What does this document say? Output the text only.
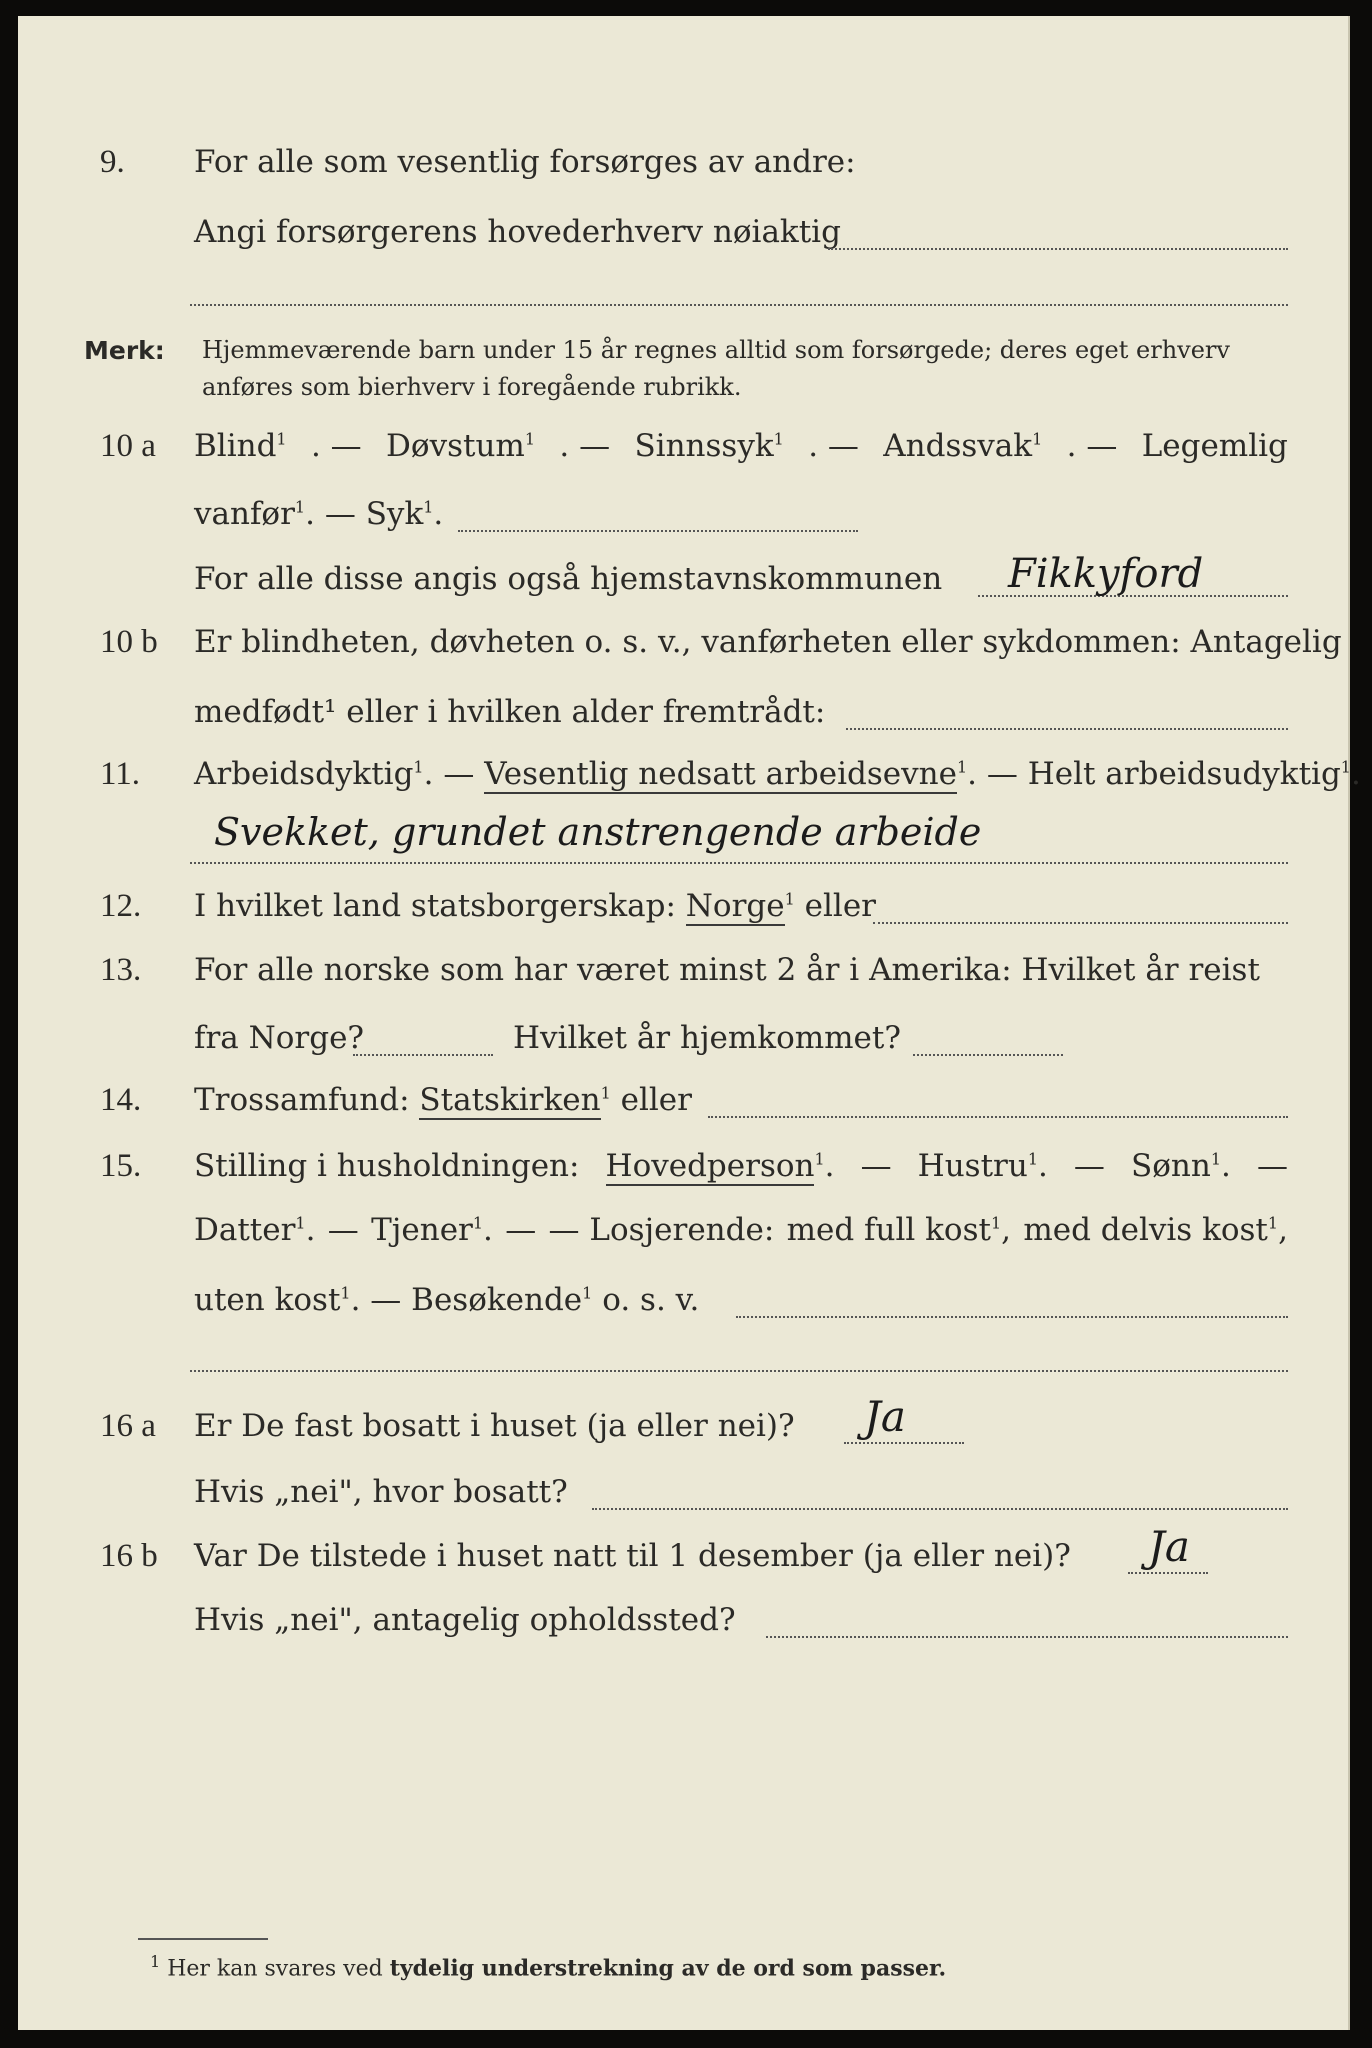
9. For alle som vesentlig forsørges av andre:
Angi forsørgerens hovederhverv nøiaktig
Merk: Hjemmeværende barn under 15 år regnes alltid som forsørgede; deres eget erhverv
anføres som bierhverv i foregående rubrikk.
10 a Blind$^1$ . — Døvstum$^1$ . — Sinnssyk$^1$ . — Andssvak$^1$ . — Legemlig
vanfør$^1$. — Syk$^1$.
For alle disse angis også hjemstavnskommunen Fikkyford
10 b Er blindheten, døvheten o. s. v., vanførheten eller sykdommen: Antagelig
medfødt¹ eller i hvilken alder fremtrådt:
11. Arbeidsdyktig$^1$. — Vesentlig nedsatt arbeidsevne$^1$. — Helt arbeidsudyktig$^1$.
Svekket, grundet anstrengende arbeide
12. I hvilket land statsborgerskap: Norge$^1$ eller
13. For alle norske som har været minst 2 år i Amerika: Hvilket år reist
fra Norge?	Hvilket år hjemkommet?
14. Trossamfund: Statskirken$^1$ eller
15. Stilling i husholdningen: Hovedperson$^1$. — Hustru$^1$. — Sønn$^1$. —
Datter$^1$. — Tjener$^1$. — — Losjerende: med full kost$^1$, med delvis kost$^1$,
uten kost$^1$. — Besøkende$^1$ o. s. v.
16 a Er De fast bosatt i huset (ja eller nei)? Ja
Hvis „nei", hvor bosatt?
16 b Var De tilstede i huset natt til 1 desember (ja eller nei)? Ja
Hvis „nei", antagelig opholdssted?
$^1$ Her kan svares ved tydelig understrekning av de ord som passer.
